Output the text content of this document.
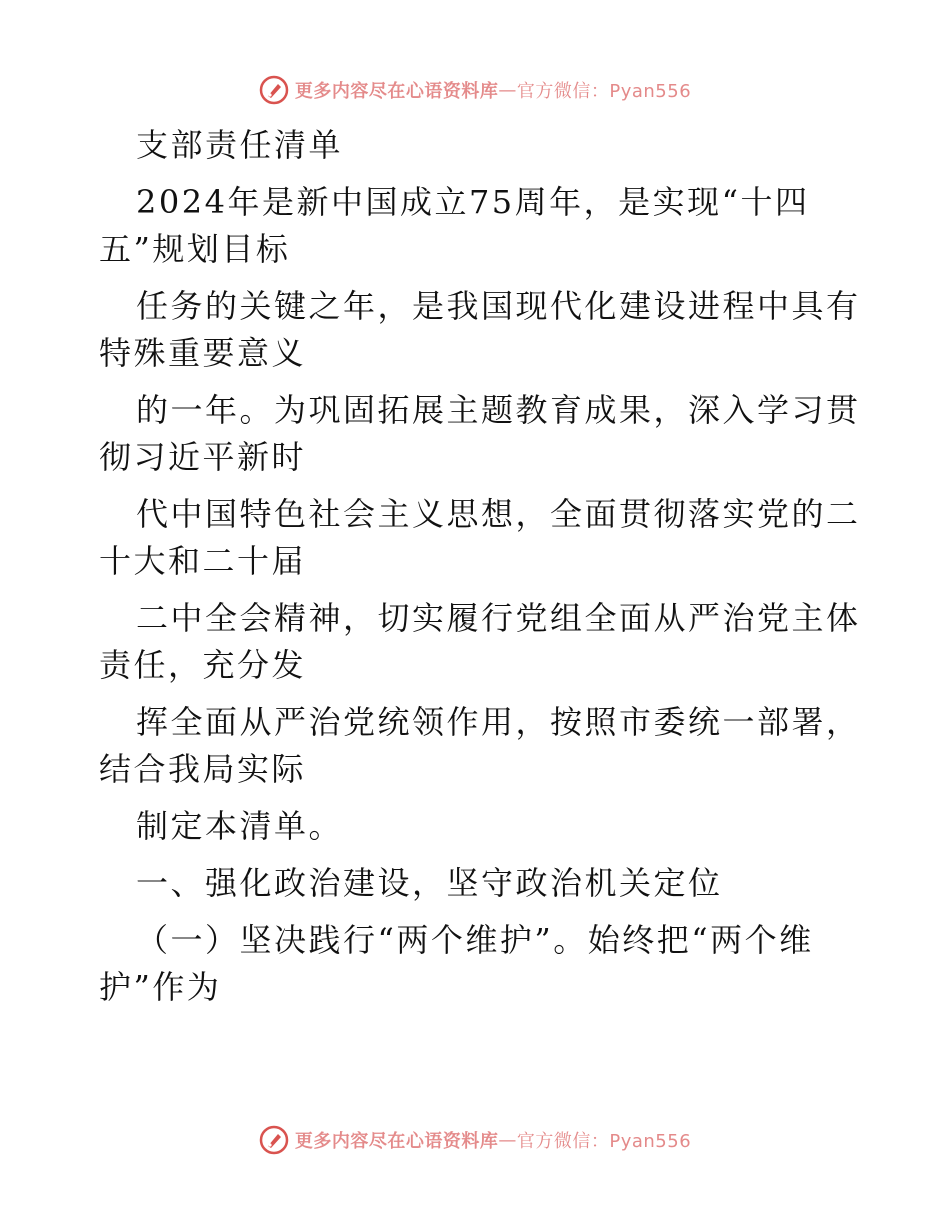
更多内容尽在心语资料库 — 官方微信：Pyan556
支部责任清单
2024年是新中国成立75周年，是实现“十四
五”规划目标
任务的关键之年，是我国现代化建设进程中具有
特殊重要意义
的一年。为巩固拓展主题教育成果，深入学习贯
彻习近平新时
代中国特色社会主义思想，全面贯彻落实党的二
十大和二十届
二中全会精神，切实履行党组全面从严治党主体
责任，充分发
挥全面从严治党统领作用，按照市委统一部署，
结合我局实际
制定本清单。
一、强化政治建设，坚守政治机关定位
（一）坚决践行“两个维护”。始终把“两个维
护”作为
更多内容尽在心语资料库 — 官方微信：Pyan556
